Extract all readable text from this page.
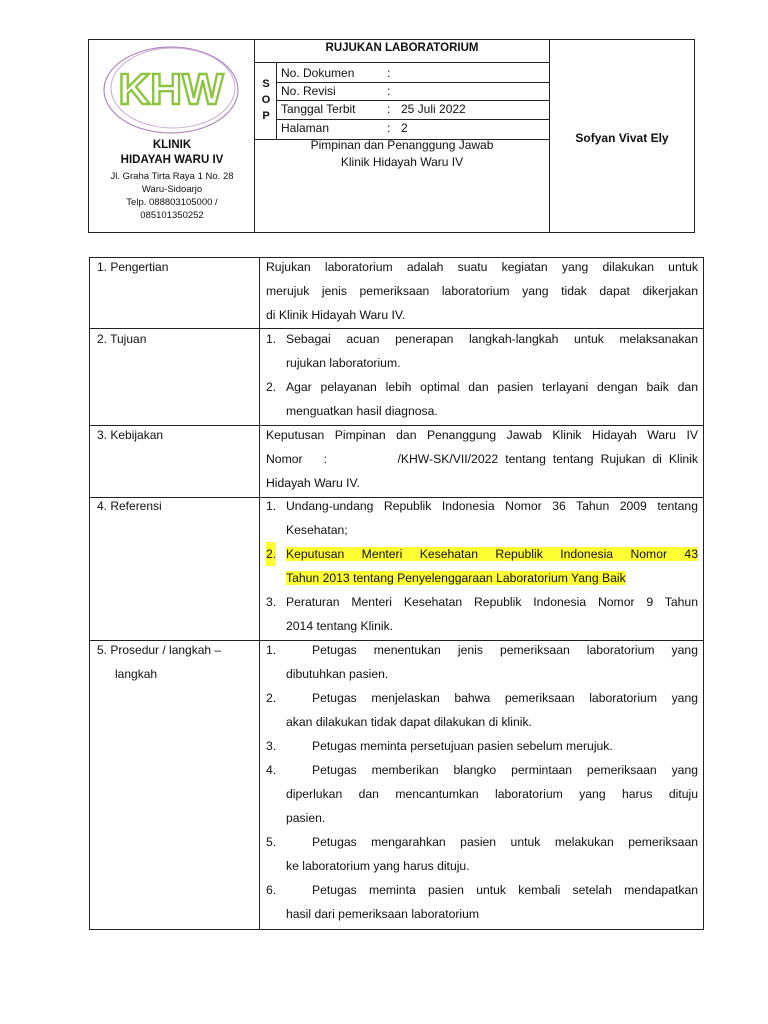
KHW
KLINIK
HIDAYAH WARU IV
Jl. Graha Tirta Raya 1 No. 28
Waru-Sidoarjo
Telp. 088803105000 /
085101350252
RUJUKAN LABORATORIUM
S
O
P
No. Dokumen	:
No. Revisi	:
Tanggal Terbit	: 25 Juli 2022
Halaman	: 2
Pimpinan dan Penanggung Jawab
Klinik Hidayah Waru IV
Sofyan Vivat Ely
1. Pengertian	Rujukan laboratorium adalah suatu kegiatan yang dilakukan untuk

merujuk jenis pemeriksaan laboratorium yang tidak dapat dikerjakan

di Klinik Hidayah Waru IV.

2. Tujuan	1. Sebagai acuan penerapan langkah-langkah untuk melaksanakan

rujukan laboratorium.

2. Agar pelayanan lebih optimal dan pasien terlayani dengan baik dan

menguatkan hasil diagnosa.

3. Kebijakan	Keputusan Pimpinan dan Penanggung Jawab Klinik Hidayah Waru IV

Nomor   :          /KHW-SK/VII/2022 tentang tentang Rujukan di Klinik

Hidayah Waru IV.

4. Referensi	1. Undang-undang Republik Indonesia Nomor 36 Tahun 2009 tentang

Kesehatan;

2. Keputusan Menteri Kesehatan Republik Indonesia Nomor 43

Tahun 2013 tentang Penyelenggaraan Laboratorium Yang Baik

3. Peraturan Menteri Kesehatan Republik Indonesia Nomor 9 Tahun

2014 tentang Klinik.

5. Prosedur / langkah –
langkah
1.	Petugas menentukan jenis pemeriksaan laboratorium yang

dibutuhkan pasien.

2.	Petugas menjelaskan bahwa pemeriksaan laboratorium yang

akan dilakukan tidak dapat dilakukan di klinik.

3.	Petugas meminta persetujuan pasien sebelum merujuk.

4.	Petugas memberikan blangko permintaan pemeriksaan yang

diperlukan dan mencantumkan laboratorium yang harus dituju

pasien.

5.	Petugas mengarahkan pasien untuk melakukan pemeriksaan

ke laboratorium yang harus dituju.

6.	Petugas meminta pasien untuk kembali setelah mendapatkan

hasil dari pemeriksaan laboratorium
